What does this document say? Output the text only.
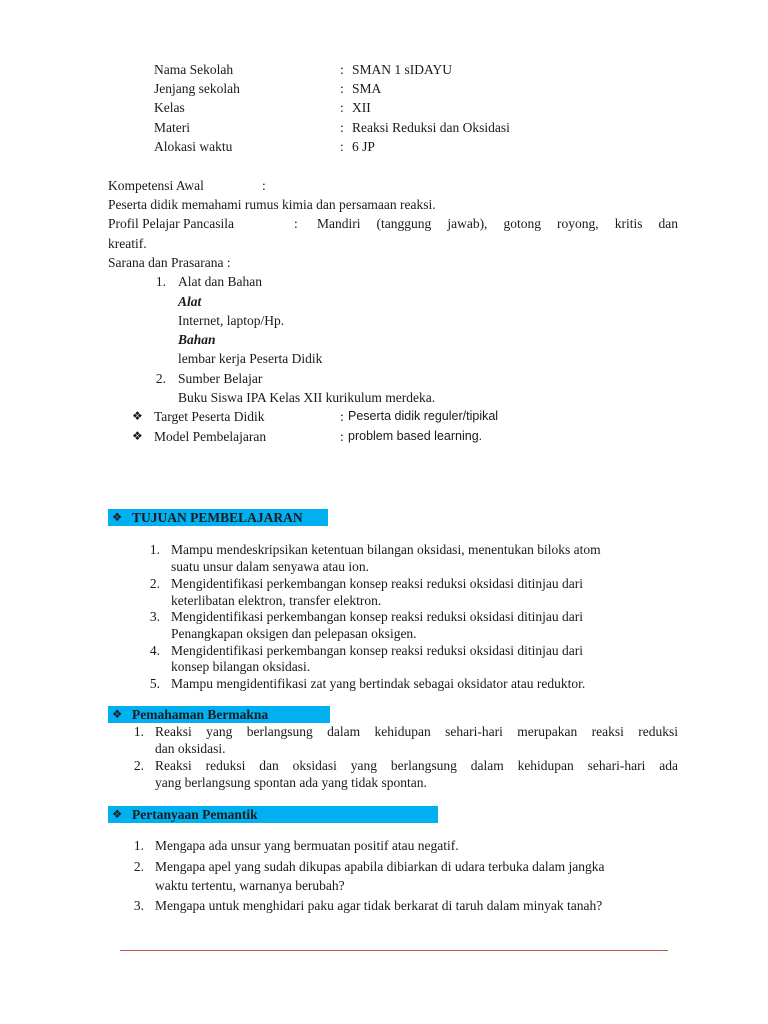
Nama Sekolah	: SMAN 1 sIDAYU
Jenjang sekolah	: SMA
Kelas	: XII
Materi	: Reaksi Reduksi dan Oksidasi
Alokasi waktu	: 6 JP
Kompetensi Awal	:
Peserta didik memahami rumus kimia dan persamaan reaksi.
Profil Pelajar Pancasila	: Mandiri (tanggung jawab), gotong royong, kritis dan
kreatif.
Sarana dan Prasarana :
1. Alat dan Bahan
Alat
Internet, laptop/Hp.
Bahan
lembar kerja Peserta Didik
2. Sumber Belajar
Buku Siswa IPA Kelas XII kurikulum merdeka.
❖ Target Peserta Didik	: Peserta didik reguler/tipikal
❖ Model Pembelajaran	: problem based learning.
❖ TUJUAN PEMBELAJARAN
1. Mampu mendeskripsikan ketentuan bilangan oksidasi, menentukan biloks atom
suatu unsur dalam senyawa atau ion.
2. Mengidentifikasi perkembangan konsep reaksi reduksi oksidasi ditinjau dari
keterlibatan elektron, transfer elektron.
3. Mengidentifikasi perkembangan konsep reaksi reduksi oksidasi ditinjau dari
Penangkapan oksigen dan pelepasan oksigen.
4. Mengidentifikasi perkembangan konsep reaksi reduksi oksidasi ditinjau dari
konsep bilangan oksidasi.
5. Mampu mengidentifikasi zat yang bertindak sebagai oksidator atau reduktor.
❖ Pemahaman Bermakna
1. Reaksi yang berlangsung dalam kehidupan sehari-hari merupakan reaksi reduksi
dan oksidasi.
2. Reaksi reduksi dan oksidasi yang berlangsung dalam kehidupan sehari-hari ada
yang berlangsung spontan ada yang tidak spontan.
❖ Pertanyaan Pemantik
1. Mengapa ada unsur yang bermuatan positif atau negatif.
2. Mengapa apel yang sudah dikupas apabila dibiarkan di udara terbuka dalam jangka
waktu tertentu, warnanya berubah?
3. Mengapa untuk menghidari paku agar tidak berkarat di taruh dalam minyak tanah?
